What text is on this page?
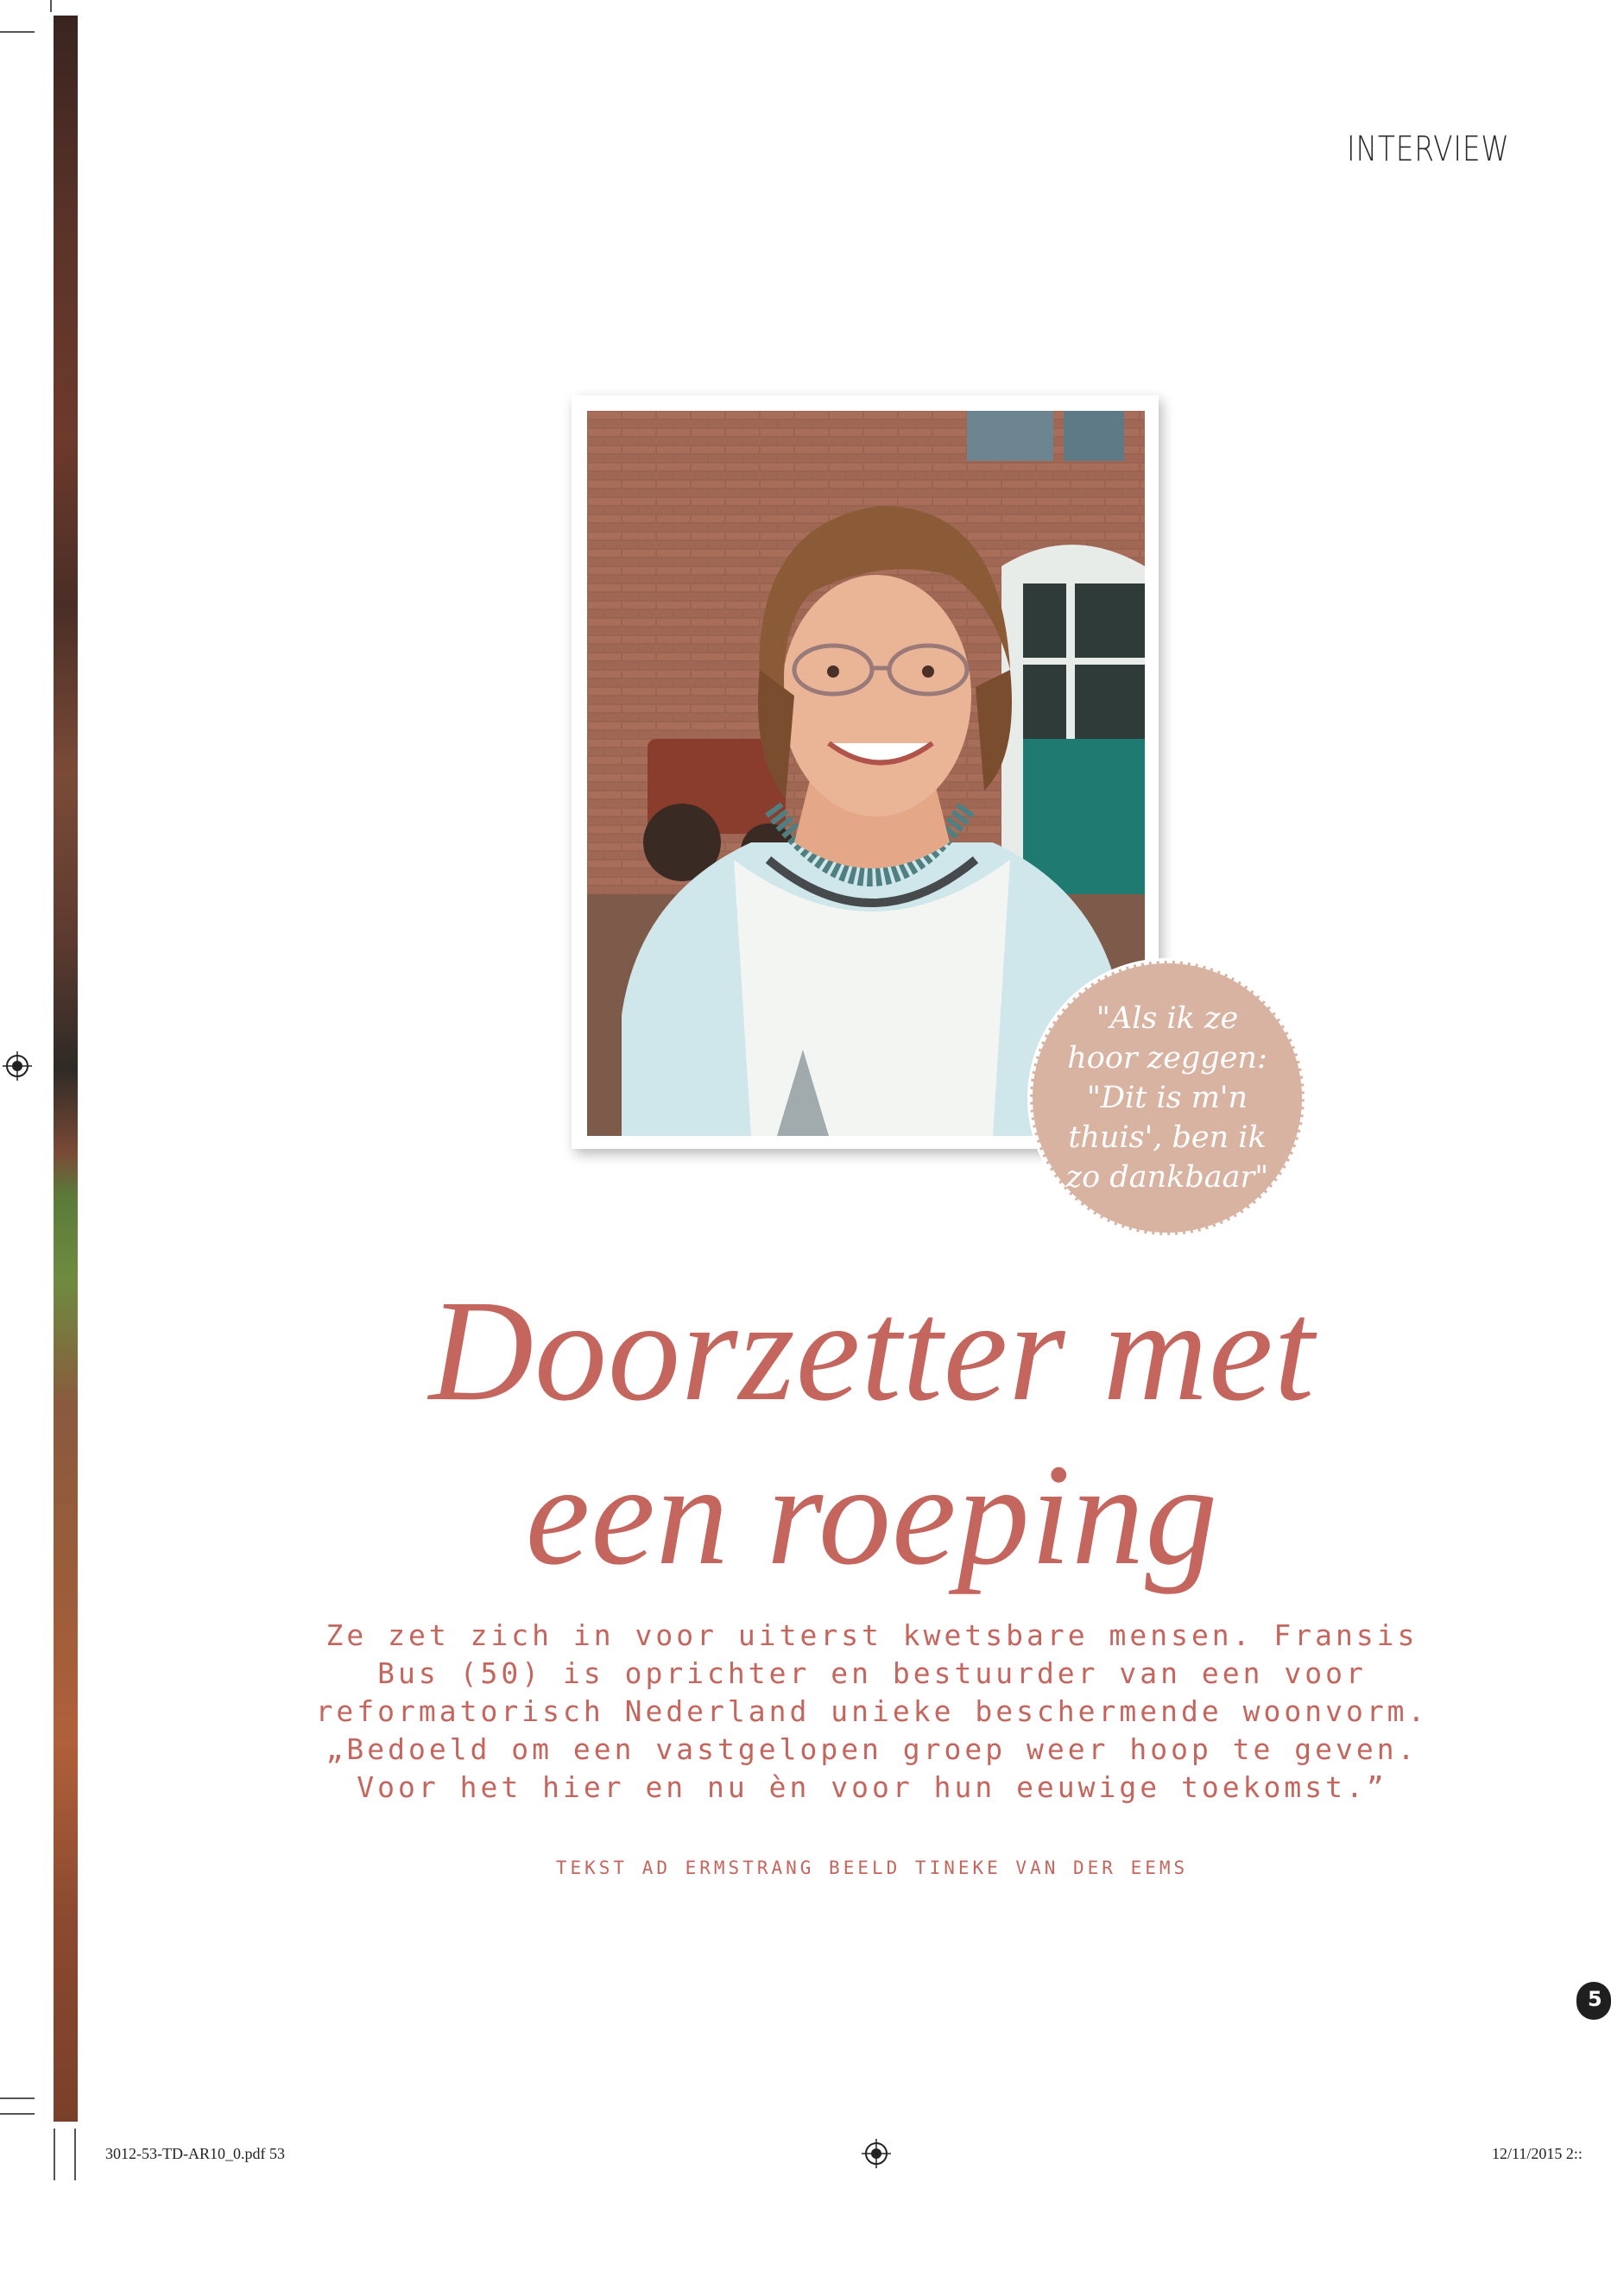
INTERVIEW
"Als ik ze hoor zeggen: "Dit is m'n thuis', ben ik zo dankbaar"
Doorzetter met
een roeping
Ze zet zich in voor uiterst kwetsbare mensen. Fransis Bus (50) is oprichter en bestuurder van een voor reformatorisch Nederland unieke beschermende woonvorm. „Bedoeld om een vastgelopen groep weer hoop te geven. Voor het hier en nu èn voor hun eeuwige toekomst.”
TEKST AD ERMSTRANG BEELD TINEKE VAN DER EEMS
5
3012-53-TD-AR10_0.pdf 53	12/11/2015 2::
